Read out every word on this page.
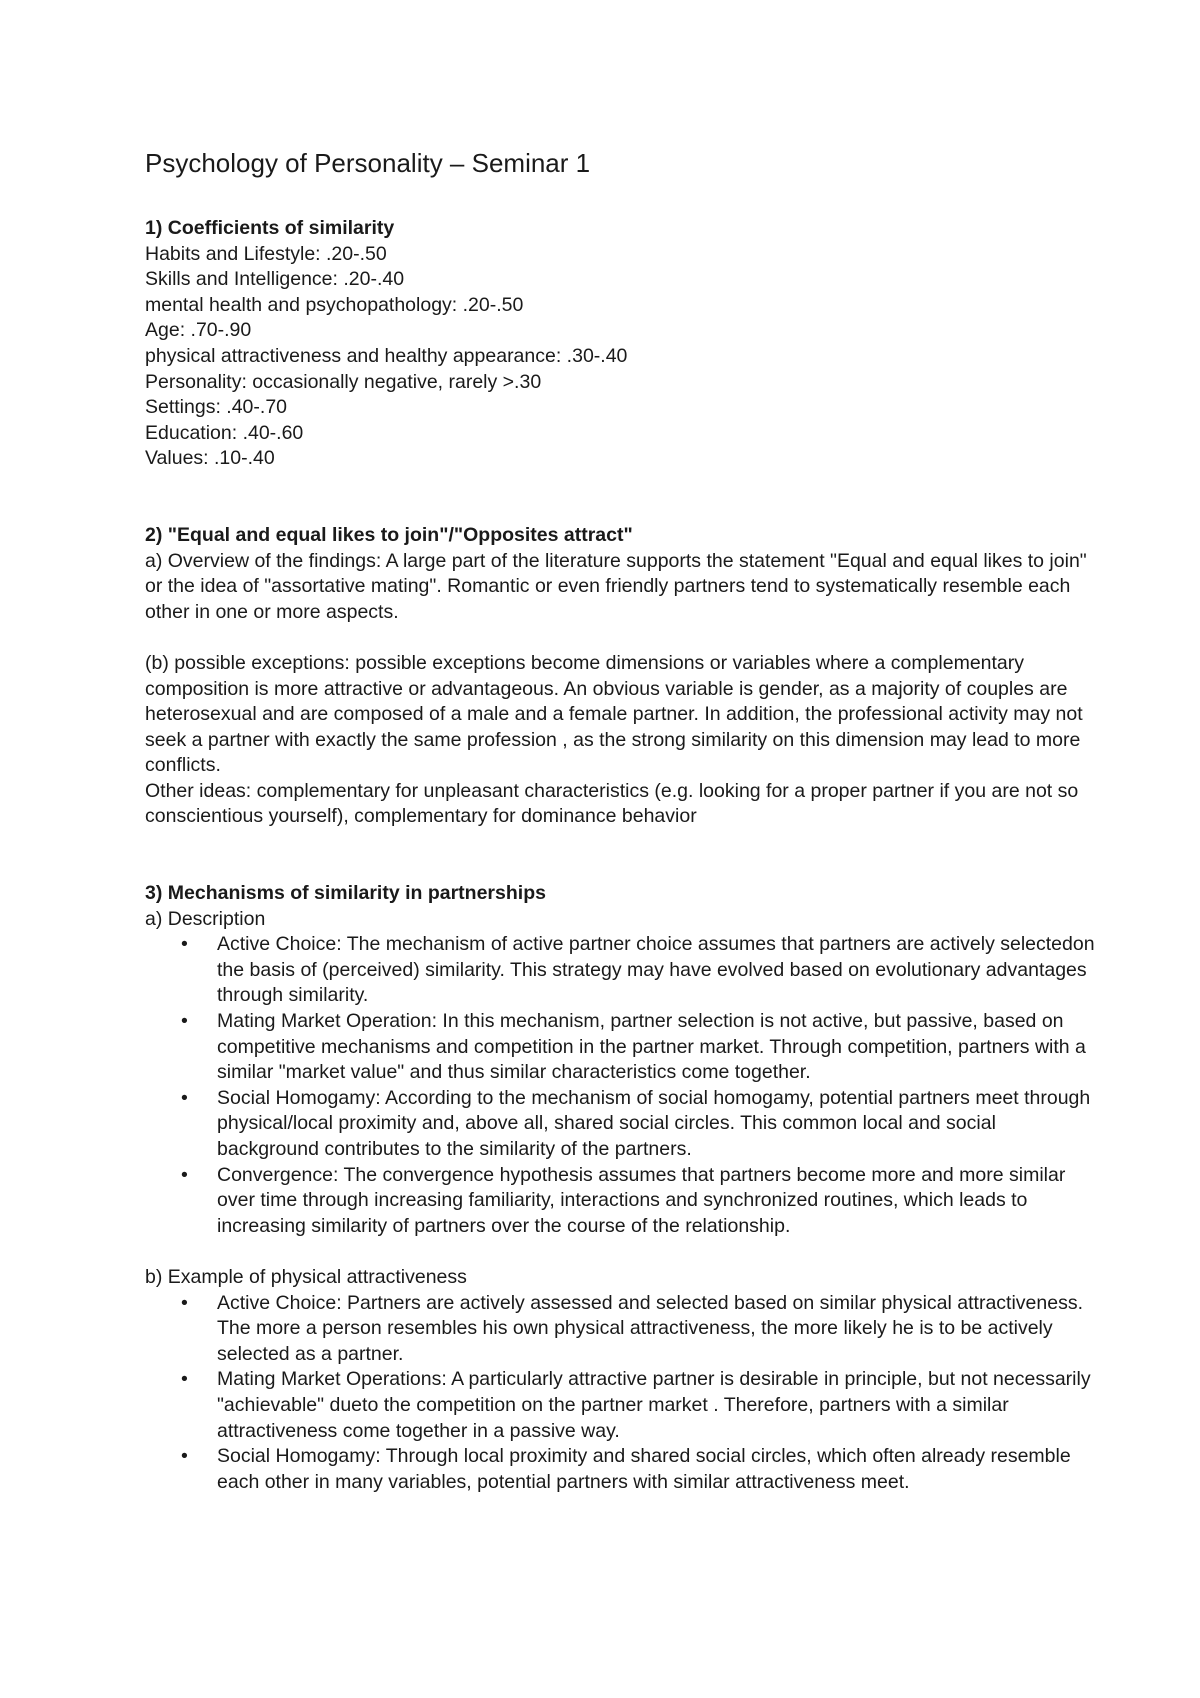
Psychology of Personality – Seminar 1
1) Coefficients of similarity
Habits and Lifestyle: .20-.50
Skills and Intelligence: .20-.40
mental health and psychopathology: .20-.50
Age: .70-.90
physical attractiveness and healthy appearance: .30-.40
Personality: occasionally negative, rarely >.30
Settings: .40-.70
Education: .40-.60
Values: .10-.40
2) "Equal and equal likes to join"/"Opposites attract"

a) Overview of the findings: A large part of the literature supports the statement "Equal and equal likes to join" or the idea of "assortative mating". Romantic or even friendly partners tend to systematically resemble each other in one or more aspects.

(b) possible exceptions: possible exceptions become dimensions or variables where a complementary composition is more attractive or advantageous. An obvious variable is gender, as a majority of couples are heterosexual and are composed of a male and a female partner. In addition, the professional activity may not seek a partner with exactly the same profession , as the strong similarity on this dimension may lead to more conflicts.

Other ideas: complementary for unpleasant characteristics (e.g. looking for a proper partner if you are not so conscientious yourself), complementary for dominance behavior

3) Mechanisms of similarity in partnerships
a) Description
• Active Choice: The mechanism of active partner choice assumes that partners are actively selectedon the basis of (perceived) similarity. This strategy may have evolved based on evolutionary advantages through similarity.
• Mating Market Operation: In this mechanism, partner selection is not active, but passive, based on competitive mechanisms and competition in the partner market. Through competition, partners with a similar "market value" and thus similar characteristics come together.
• Social Homogamy: According to the mechanism of social homogamy, potential partners meet through physical/local proximity and, above all, shared social circles. This common local and social background contributes to the similarity of the partners.
• Convergence: The convergence hypothesis assumes that partners become more and more similar over time through increasing familiarity, interactions and synchronized routines, which leads to increasing similarity of partners over the course of the relationship.
b) Example of physical attractiveness
• Active Choice: Partners are actively assessed and selected based on similar physical attractiveness. The more a person resembles his own physical attractiveness, the more likely he is to be actively selected as a partner.
• Mating Market Operations: A particularly attractive partner is desirable in principle, but not necessarily "achievable" dueto the competition on the partner market . Therefore, partners with a similar attractiveness come together in a passive way.
• Social Homogamy: Through local proximity and shared social circles, which often already resemble each other in many variables, potential partners with similar attractiveness meet.
